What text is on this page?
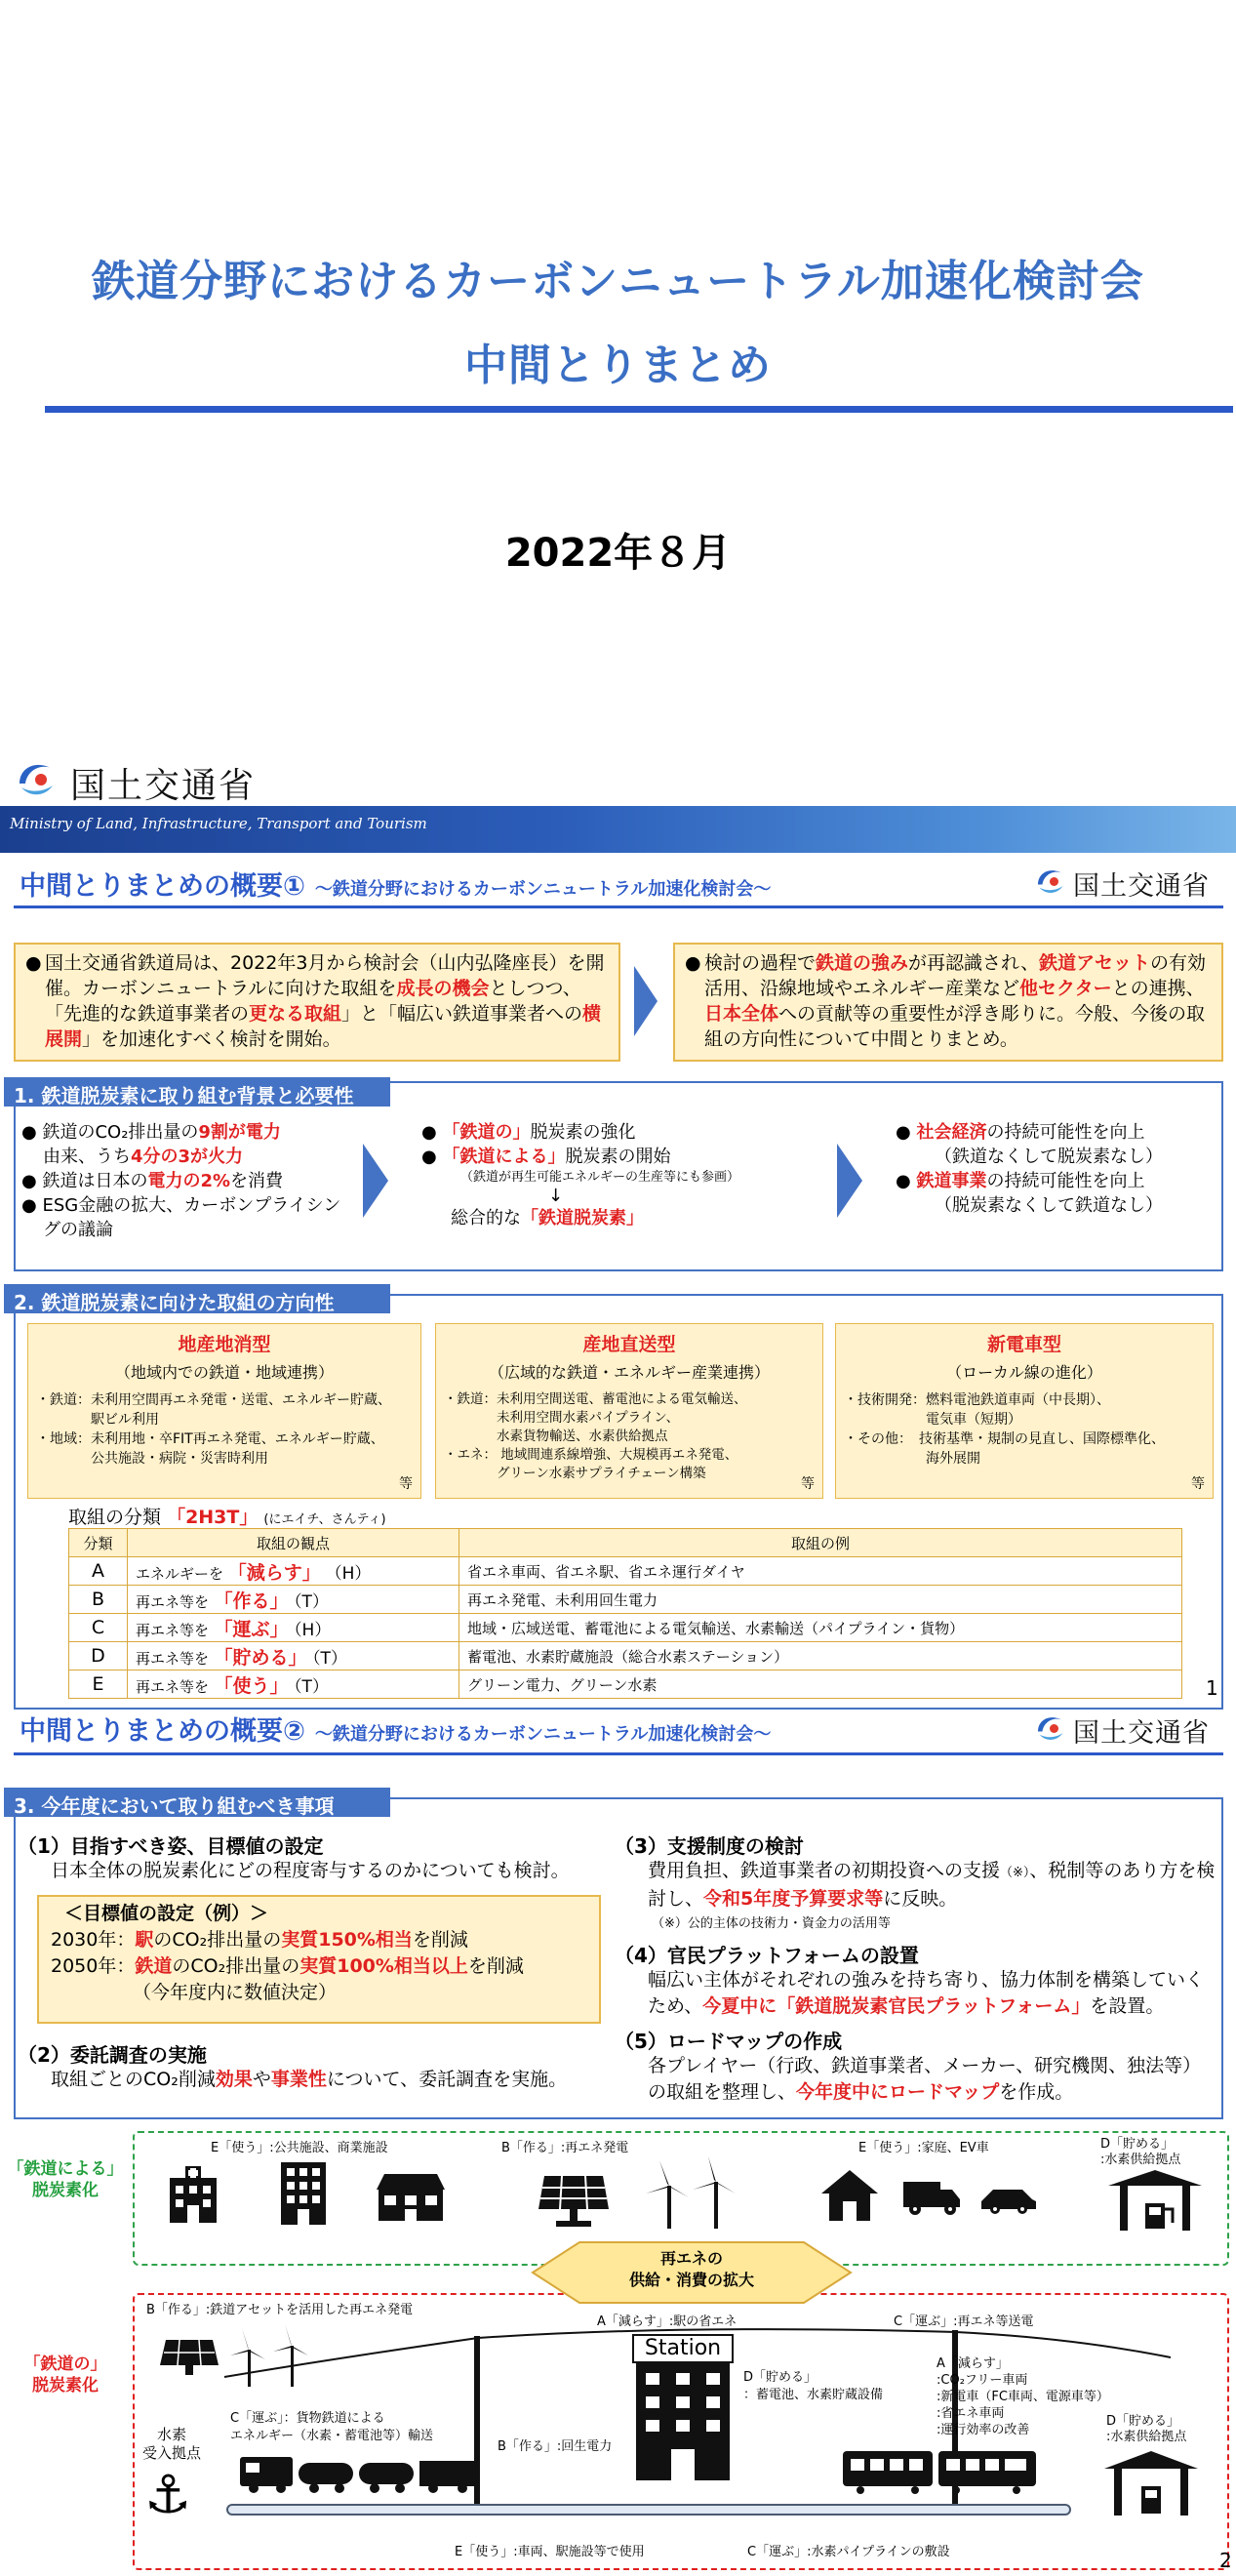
鉄道分野におけるカーボンニュートラル加速化検討会
中間とりまとめ
2022年８月
国土交通省
Ministry of Land, Infrastructure, Transport and Tourism
中間とりまとめの概要① ～鉄道分野におけるカーボンニュートラル加速化検討会～	国土交通省
● 国土交通省鉄道局は、2022年3月から検討会（山内弘隆座長）を開催。カーボンニュートラルに向けた取組を成長の機会としつつ、「先進的な鉄道事業者の更なる取組」と「幅広い鉄道事業者への横展開」を加速化すべく検討を開始。
● 検討の過程で鉄道の強みが再認識され、鉄道アセットの有効活用、沿線地域やエネルギー産業など他セクターとの連携、日本全体への貢献等の重要性が浮き彫りに。今般、今後の取組の方向性について中間とりまとめ。
1. 鉄道脱炭素に取り組む背景と必要性
● 鉄道のCO₂排出量の9割が電力
由来、うち4分の3が火力
● 鉄道は日本の電力の2%を消費
● ESG金融の拡大、カーボンプライシングの議論
● 「鉄道の」脱炭素の強化
● 「鉄道による」脱炭素の開始
（鉄道が再生可能エネルギーの生産等にも参画）
↓
総合的な「鉄道脱炭素」
● 社会経済の持続可能性を向上
（鉄道なくして脱炭素なし）
● 鉄道事業の持続可能性を向上
（脱炭素なくして鉄道なし）
2. 鉄道脱炭素に向けた取組の方向性
地産地消型
（地域内での鉄道・地域連携）
・鉄道：未利用空間再エネ発電・送電、エネルギー貯蔵、
　　　　駅ビル利用
・地域：未利用地・卒FIT再エネ発電、エネルギー貯蔵、
　　　　公共施設・病院・災害時利用
等
産地直送型
（広域的な鉄道・エネルギー産業連携）
・鉄道：未利用空間送電、蓄電池による電気輸送、
　　　　未利用空間水素パイプライン、
　　　　水素貨物輸送、水素供給拠点
・エネ： 地域間連系線増強、大規模再エネ発電、
　　　　グリーン水素サプライチェーン構築
等
新電車型
（ローカル線の進化）
・技術開発：燃料電池鉄道車両（中長期）、
　　　　　　電気車（短期）
・その他：　技術基準・規制の見直し、国際標準化、
　　　　　　海外展開
等
取組の分類 「2H3T」 (にエイチ、さんティ)
分類	取組の観点	取組の例
A	エネルギーを 「減らす」 （H）	省エネ車両、省エネ駅、省エネ運行ダイヤ
B	再エネ等を　 「作る」　 （T）	再エネ発電、未利用回生電力
C	再エネ等を　 「運ぶ」　 （H）	地域・広域送電、蓄電池による電気輸送、水素輸送（パイプライン・貨物）
D	再エネ等を　 「貯める」　 （T）	蓄電池、水素貯蔵施設（総合水素ステーション）
E	再エネ等を　 「使う」　 （T）	グリーン電力、グリーン水素	1
中間とりまとめの概要② ～鉄道分野におけるカーボンニュートラル加速化検討会～	国土交通省
3. 今年度において取り組むべき事項
（1）目指すべき姿、目標値の設定
日本全体の脱炭素化にどの程度寄与するのかについても検討。
＜目標値の設定（例）＞
2030年：駅のCO₂排出量の実質150%相当を削減
2050年：鉄道のCO₂排出量の実質100%相当以上を削減
（今年度内に数値決定）
（2）委託調査の実施
取組ごとのCO₂削減効果や事業性について、委託調査を実施。
（3）支援制度の検討
費用負担、鉄道事業者の初期投資への支援（※）、税制等のあり方を検討し、令和5年度予算要求等に反映。
（※）公的主体の技術力・資金力の活用等
（4）官民プラットフォームの設置
幅広い主体がそれぞれの強みを持ち寄り、協力体制を構築していくため、今夏中に「鉄道脱炭素官民プラットフォーム」を設置。
（5）ロードマップの作成
各プレイヤー（行政、鉄道事業者、メーカー、研究機関、独法等）の取組を整理し、今年度中にロードマップを作成。
「鉄道による」
脱炭素化
「鉄道の」
脱炭素化
E「使う」:公共施設、商業施設	B「作る」:再エネ発電	E「使う」:家庭、EV車	D「貯める」
:水素供給拠点
再エネの
供給・消費の拡大
B「作る」:鉄道アセットを活用した再エネ発電
A「減らす」:駅の省エネ	C「運ぶ」:再エネ等送電
Station
D「貯める」
：蓄電池、水素貯蔵設備
A「減らす」
:CO₂フリー車両
:新電車（FC車両、電源車等）
:省エネ車両
:運行効率の改善
C「運ぶ」：貨物鉄道による
エネルギー（水素・蓄電池等）輸送
B「作る」:回生電力
水素
受入拠点
⚓
D「貯める」
:水素供給拠点
E「使う」:車両、駅施設等で使用	C「運ぶ」:水素パイプラインの敷設	2
